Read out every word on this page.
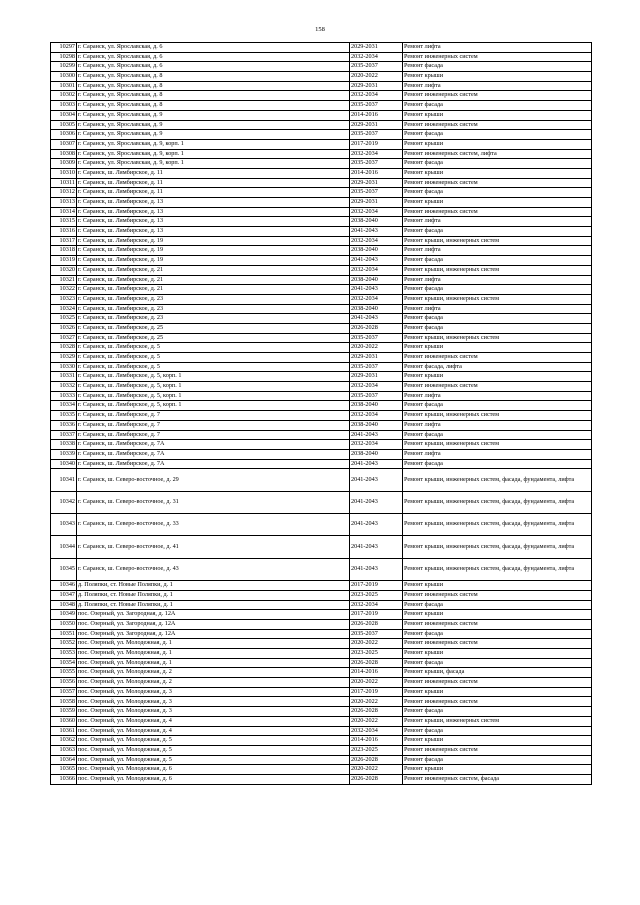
158
10297	г. Саранск, ул. Ярославская, д. 6	2029-2031	Ремонт лифта
10298	г. Саранск, ул. Ярославская, д. 6	2032-2034	Ремонт инженерных систем
10299	г. Саранск, ул. Ярославская, д. 6	2035-2037	Ремонт фасада
10300	г. Саранск, ул. Ярославская, д. 8	2020-2022	Ремонт крыши
10301	г. Саранск, ул. Ярославская, д. 8	2029-2031	Ремонт лифта
10302	г. Саранск, ул. Ярославская, д. 8	2032-2034	Ремонт инженерных систем
10303	г. Саранск, ул. Ярославская, д. 8	2035-2037	Ремонт фасада
10304	г. Саранск, ул. Ярославская, д. 9	2014-2016	Ремонт крыши
10305	г. Саранск, ул. Ярославская, д. 9	2029-2031	Ремонт инженерных систем
10306	г. Саранск, ул. Ярославская, д. 9	2035-2037	Ремонт фасада
10307	г. Саранск, ул. Ярославская, д. 9, корп. 1	2017-2019	Ремонт крыши
10308	г. Саранск, ул. Ярославская, д. 9, корп. 1	2032-2034	Ремонт инженерных систем, лифта
10309	г. Саранск, ул. Ярославская, д. 9, корп. 1	2035-2037	Ремонт фасада
10310	г. Саранск, ш. Лямбирское, д. 11	2014-2016	Ремонт крыши
10311	г. Саранск, ш. Лямбирское, д. 11	2029-2031	Ремонт инженерных систем
10312	г. Саранск, ш. Лямбирское, д. 11	2035-2037	Ремонт фасада
10313	г. Саранск, ш. Лямбирское, д. 13	2029-2031	Ремонт крыши
10314	г. Саранск, ш. Лямбирское, д. 13	2032-2034	Ремонт инженерных систем
10315	г. Саранск, ш. Лямбирское, д. 13	2038-2040	Ремонт лифта
10316	г. Саранск, ш. Лямбирское, д. 13	2041-2043	Ремонт фасада
10317	г. Саранск, ш. Лямбирское, д. 19	2032-2034	Ремонт крыши, инженерных систем
10318	г. Саранск, ш. Лямбирское, д. 19	2038-2040	Ремонт лифта
10319	г. Саранск, ш. Лямбирское, д. 19	2041-2043	Ремонт фасада
10320	г. Саранск, ш. Лямбирское, д. 21	2032-2034	Ремонт крыши, инженерных систем
10321	г. Саранск, ш. Лямбирское, д. 21	2038-2040	Ремонт лифта
10322	г. Саранск, ш. Лямбирское, д. 21	2041-2043	Ремонт фасада
10323	г. Саранск, ш. Лямбирское, д. 23	2032-2034	Ремонт крыши, инженерных систем
10324	г. Саранск, ш. Лямбирское, д. 23	2038-2040	Ремонт лифта
10325	г. Саранск, ш. Лямбирское, д. 23	2041-2043	Ремонт фасада
10326	г. Саранск, ш. Лямбирское, д. 25	2026-2028	Ремонт фасада
10327	г. Саранск, ш. Лямбирское, д. 25	2035-2037	Ремонт крыши, инженерных систем
10328	г. Саранск, ш. Лямбирское, д. 5	2020-2022	Ремонт крыши
10329	г. Саранск, ш. Лямбирское, д. 5	2029-2031	Ремонт инженерных систем
10330	г. Саранск, ш. Лямбирское, д. 5	2035-2037	Ремонт фасада, лифта
10331	г. Саранск, ш. Лямбирское, д. 5, корп. 1	2029-2031	Ремонт крыши
10332	г. Саранск, ш. Лямбирское, д. 5, корп. 1	2032-2034	Ремонт инженерных систем
10333	г. Саранск, ш. Лямбирское, д. 5, корп. 1	2035-2037	Ремонт лифта
10334	г. Саранск, ш. Лямбирское, д. 5, корп. 1	2038-2040	Ремонт фасада
10335	г. Саранск, ш. Лямбирское, д. 7	2032-2034	Ремонт крыши, инженерных систем
10336	г. Саранск, ш. Лямбирское, д. 7	2038-2040	Ремонт лифта
10337	г. Саранск, ш. Лямбирское, д. 7	2041-2043	Ремонт фасада
10338	г. Саранск, ш. Лямбирское, д. 7А	2032-2034	Ремонт крыши, инженерных систем
10339	г. Саранск, ш. Лямбирское, д. 7А	2038-2040	Ремонт лифта
10340	г. Саранск, ш. Лямбирское, д. 7А	2041-2043	Ремонт фасада
10341	г. Саранск, ш. Северо-восточное, д. 29	2041-2043	Ремонт крыши, инженерных систем, фасада, фундамента, лифта
10342	г. Саранск, ш. Северо-восточное, д. 31	2041-2043	Ремонт крыши, инженерных систем, фасада, фундамента, лифта
10343	г. Саранск, ш. Северо-восточное, д. 33	2041-2043	Ремонт крыши, инженерных систем, фасада, фундамента, лифта
10344	г. Саранск, ш. Северо-восточное, д. 41	2041-2043	Ремонт крыши, инженерных систем, фасада, фундамента, лифта
10345	г. Саранск, ш. Северо-восточное, д. 43	2041-2043	Ремонт крыши, инженерных систем, фасада, фундамента, лифта
10346	д. Поляпки, ст. Новые Поляпки, д. 1	2017-2019	Ремонт крыши
10347	д. Поляпки, ст. Новые Поляпки, д. 1	2023-2025	Ремонт инженерных систем
10348	д. Поляпки, ст. Новые Поляпки, д. 1	2032-2034	Ремонт фасада
10349	пос. Озерный, ул. Загородная, д. 12А	2017-2019	Ремонт крыши
10350	пос. Озерный, ул. Загородная, д. 12А	2026-2028	Ремонт инженерных систем
10351	пос. Озерный, ул. Загородная, д. 12А	2035-2037	Ремонт фасада
10352	пос. Озерный, ул. Молодежная, д. 1	2020-2022	Ремонт инженерных систем
10353	пос. Озерный, ул. Молодежная, д. 1	2023-2025	Ремонт крыши
10354	пос. Озерный, ул. Молодежная, д. 1	2026-2028	Ремонт фасада
10355	пос. Озерный, ул. Молодежная, д. 2	2014-2016	Ремонт крыши, фасада
10356	пос. Озерный, ул. Молодежная, д. 2	2020-2022	Ремонт инженерных систем
10357	пос. Озерный, ул. Молодежная, д. 3	2017-2019	Ремонт крыши
10358	пос. Озерный, ул. Молодежная, д. 3	2020-2022	Ремонт инженерных систем
10359	пос. Озерный, ул. Молодежная, д. 3	2026-2028	Ремонт фасада
10360	пос. Озерный, ул. Молодежная, д. 4	2020-2022	Ремонт крыши, инженерных систем
10361	пос. Озерный, ул. Молодежная, д. 4	2032-2034	Ремонт фасада
10362	пос. Озерный, ул. Молодежная, д. 5	2014-2016	Ремонт крыши
10363	пос. Озерный, ул. Молодежная, д. 5	2023-2025	Ремонт инженерных систем
10364	пос. Озерный, ул. Молодежная, д. 5	2026-2028	Ремонт фасада
10365	пос. Озерный, ул. Молодежная, д. 6	2020-2022	Ремонт крыши
10366	пос. Озерный, ул. Молодежная, д. 6	2026-2028	Ремонт инженерных систем, фасада
